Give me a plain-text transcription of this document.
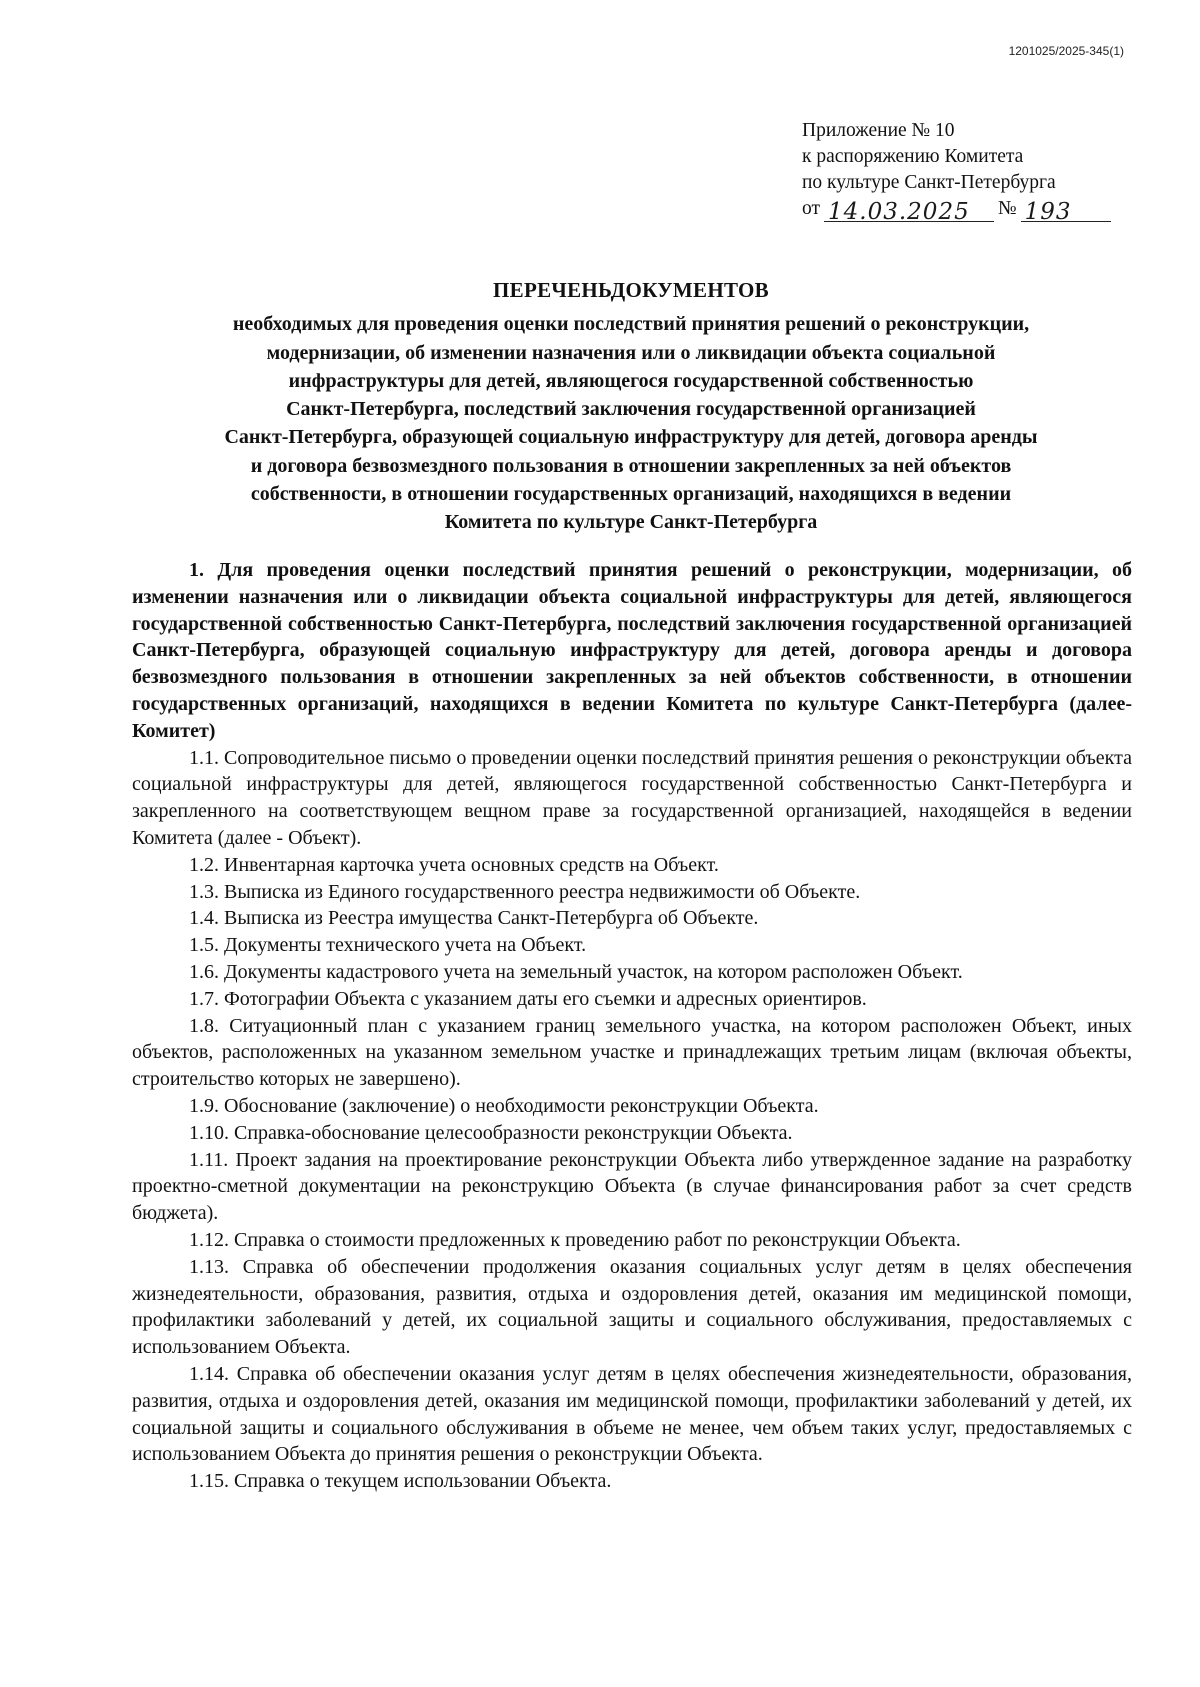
1201025/2025-345(1)
Приложение № 10
к распоряжению Комитета
по культуре Санкт-Петербурга
от 14.03.2025 № 193
ПЕРЕЧЕНЬДОКУМЕНТОВ
необходимых для проведения оценки последствий принятия решений о реконструкции,
модернизации, об изменении назначения или о ликвидации объекта социальной
инфраструктуры для детей, являющегося государственной собственностью
Санкт-Петербурга, последствий заключения государственной организацией
Санкт-Петербурга, образующей социальную инфраструктуру для детей, договора аренды
и договора безвозмездного пользования в отношении закрепленных за ней объектов
собственности, в отношении государственных организаций, находящихся в ведении
Комитета по культуре Санкт-Петербурга

1. Для проведения оценки последствий принятия решений о реконструкции, модернизации, об изменении назначения или о ликвидации объекта социальной инфраструктуры для детей, являющегося государственной собственностью Санкт-Петербурга, последствий заключения государственной организацией Санкт-Петербурга, образующей социальную инфраструктуру для детей, договора аренды и договора безвозмездного пользования в отношении закрепленных за ней объектов собственности, в отношении государственных организаций, находящихся в ведении Комитета по культуре Санкт-Петербурга (далее- Комитет)

1.1. Сопроводительное письмо о проведении оценки последствий принятия решения о реконструкции объекта социальной инфраструктуры для детей, являющегося государственной собственностью Санкт-Петербурга и закрепленного на соответствующем вещном праве за государственной организацией, находящейся в ведении Комитета (далее - Объект).

1.2. Инвентарная карточка учета основных средств на Объект.

1.3. Выписка из Единого государственного реестра недвижимости об Объекте.

1.4. Выписка из Реестра имущества Санкт-Петербурга об Объекте.

1.5. Документы технического учета на Объект.

1.6. Документы кадастрового учета на земельный участок, на котором расположен Объект.

1.7. Фотографии Объекта с указанием даты его съемки и адресных ориентиров.

1.8. Ситуационный план с указанием границ земельного участка, на котором расположен Объект, иных объектов, расположенных на указанном земельном участке и принадлежащих третьим лицам (включая объекты, строительство которых не завершено).

1.9. Обоснование (заключение) о необходимости реконструкции Объекта.

1.10. Справка-обоснование целесообразности реконструкции Объекта.

1.11. Проект задания на проектирование реконструкции Объекта либо утвержденное задание на разработку проектно-сметной документации на реконструкцию Объекта (в случае финансирования работ за счет средств бюджета).

1.12. Справка о стоимости предложенных к проведению работ по реконструкции Объекта.

1.13. Справка об обеспечении продолжения оказания социальных услуг детям в целях обеспечения жизнедеятельности, образования, развития, отдыха и оздоровления детей, оказания им медицинской помощи, профилактики заболеваний у детей, их социальной защиты и социального обслуживания, предоставляемых с использованием Объекта.

1.14. Справка об обеспечении оказания услуг детям в целях обеспечения жизнедеятельности, образования, развития, отдыха и оздоровления детей, оказания им медицинской помощи, профилактики заболеваний у детей, их социальной защиты и социального обслуживания в объеме не менее, чем объем таких услуг, предоставляемых с использованием Объекта до принятия решения о реконструкции Объекта.

1.15. Справка о текущем использовании Объекта.
